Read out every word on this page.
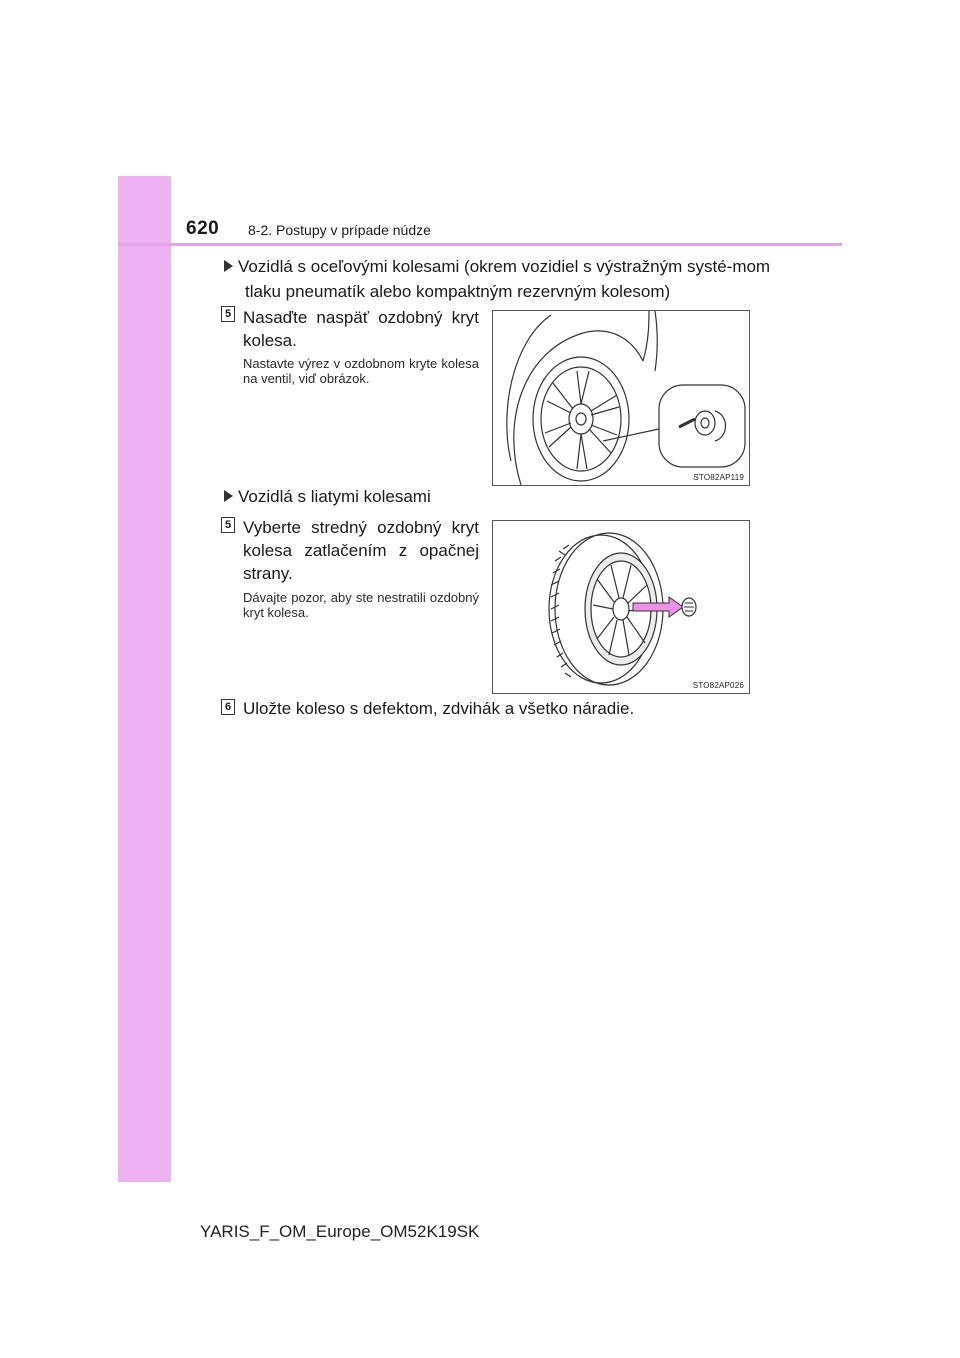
620 8-2. Postupy v prípade núdze
Vozidlá s oceľovými kolesami (okrem vozidiel s výstražným systé-mom tlaku pneumatík alebo kompaktným rezervným kolesom)
5 Nasaďte naspäť ozdobný kryt kolesa.
Nastavte výrez v ozdobnom kryte kolesa na ventil, viď obrázok.
STO82AP119
Vozidlá s liatymi kolesami
5 Vyberte stredný ozdobný kryt kolesa zatlačením z opačnej strany.
Dávajte pozor, aby ste nestratili ozdobný kryt kolesa.
STO82AP026
6 Uložte koleso s defektom, zdvihák a všetko náradie.
YARIS_F_OM_Europe_OM52K19SK
